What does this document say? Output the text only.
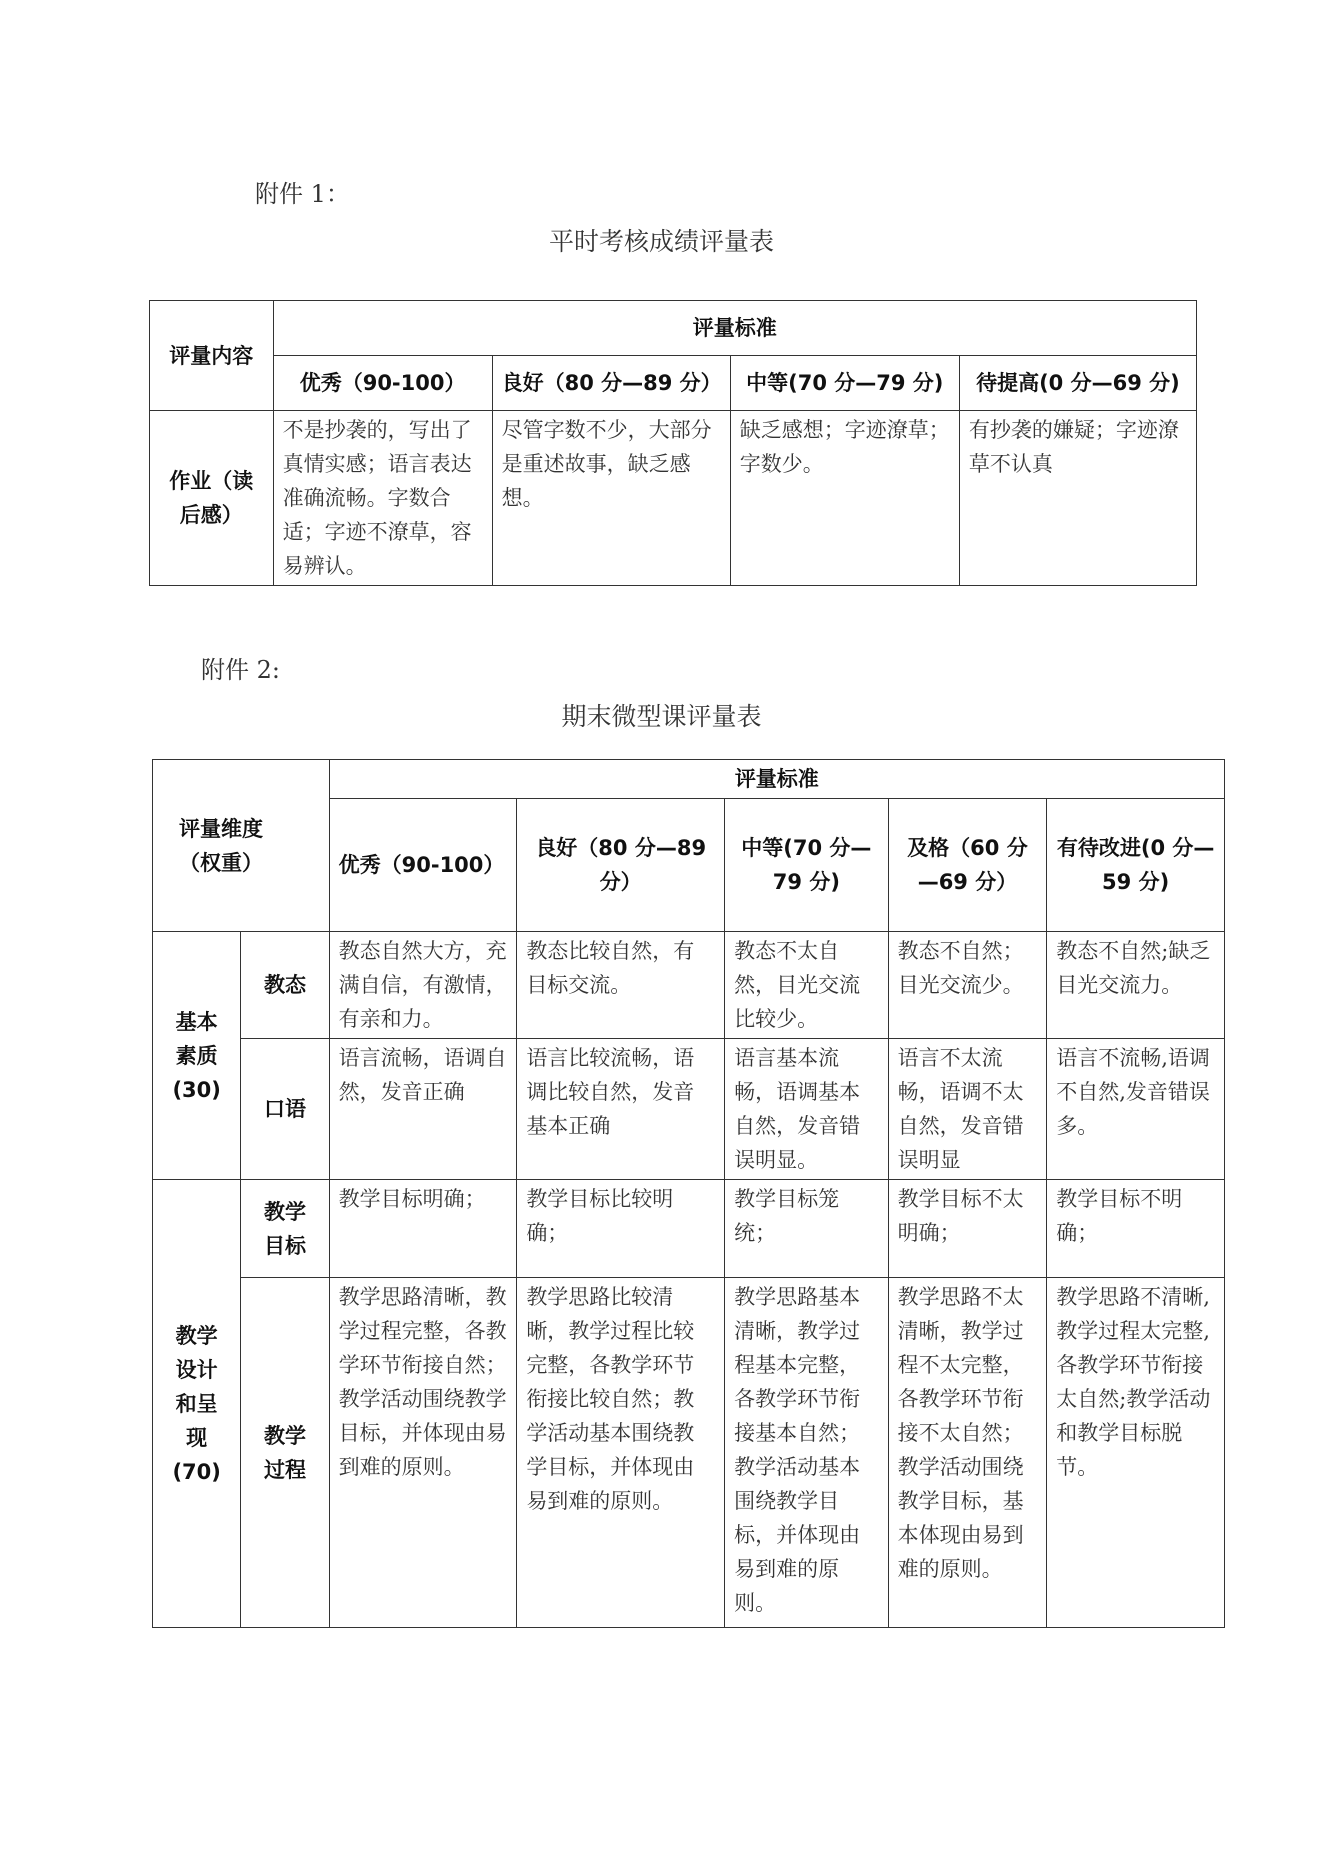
附件 1：
平时考核成绩评量表
评量内容	评量标准			
	优秀（90-100）	良好（80 分—89 分）	中等(70 分—79 分)	待提高(0 分—69 分)
作业（读
后感）	不是抄袭的，写出了真情实感；语言表达准确流畅。字数合适；字迹不潦草，容易辨认。	尽管字数不少，大部分是重述故事，缺乏感想。	缺乏感想；字迹潦草；字数少。	有抄袭的嫌疑；字迹潦草不认真
附件 2:
期末微型课评量表
评量维度
（权重）		评量标准				
		优秀（90-100）	良好（80 分—89 分）	中等(70 分—79 分)	及格（60 分—69 分）	有待改进(0 分—59 分)
基本
素质
(30)	教态	教态自然大方，充满自信，有激情，有亲和力。	教态比较自然，有目标交流。	教态不太自然，目光交流比较少。	教态不自然；目光交流少。	教态不自然;缺乏目光交流力。
	口语	语言流畅，语调自然，发音正确	语言比较流畅，语调比较自然，发音基本正确	语言基本流畅，语调基本自然，发音错误明显。	语言不太流畅，语调不太自然，发音错误明显	语言不流畅,语调不自然,发音错误多。
教学
设计
和呈
现
(70)	教学
目标	教学目标明确；	教学目标比较明确；	教学目标笼统；	教学目标不太明确；	教学目标不明确；
	教学
过程	教学思路清晰，教学过程完整，各教学环节衔接自然；教学活动围绕教学目标，并体现由易到难的原则。	教学思路比较清晰，教学过程比较完整，各教学环节衔接比较自然；教学活动基本围绕教学目标，并体现由易到难的原则。	教学思路基本清晰，教学过程基本完整，各教学环节衔接基本自然；教学活动基本围绕教学目标，并体现由易到难的原则。	教学思路不太清晰，教学过程不太完整，各教学环节衔接不太自然；教学活动围绕教学目标，基本体现由易到难的原则。	教学思路不清晰,教学过程太完整,各教学环节衔接太自然;教学活动和教学目标脱节。
